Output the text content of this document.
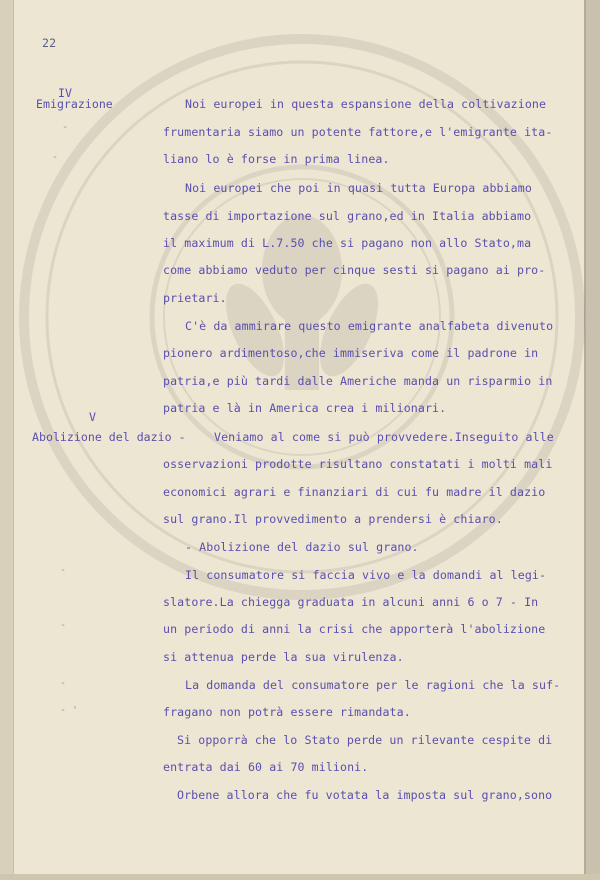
22
IV
Emigrazione	Noi europei in questa espansione della coltivazione
frumentaria siamo un potente fattore,e l'emigrante ita-
liano lo è forse in prima linea.
Noi europei che poi in quasi tutta Europa abbiamo
tasse di importazione sul grano,ed in Italia abbiamo
il maximum di L.7.50 che si pagano non allo Stato,ma
come abbiamo veduto per cinque sesti si pagano ai pro-
prietari.
C'è da ammirare questo emigrante analfabeta divenuto
pionero ardimentoso,che immiseriva come il padrone in
patria,e più tardi dalle Americhe manda un risparmio in
patria e là in America crea i milionari.
V
Abolizione del dazio - Veniamo al come si può provvedere.Inseguito alle
osservazioni prodotte risultano constatati i molti mali
economici agrari e finanziari di cui fu madre il dazio
sul grano.Il provvedimento a prendersi è chiaro.
- Abolizione del dazio sul grano.
Il consumatore si faccia vivo e la domandi al legi-
slatore.La chiegga graduata in alcuni anni 6 o 7 - In
un periodo di anni la crisi che apporterà l'abolizione
si attenua perde la sua virulenza.
La domanda del consumatore per le ragioni che la suf-
fragano non potrà essere rimandata.
Si opporrà che lo Stato perde un rilevante cespite di
entrata dai 60 ai 70 milioni.
Orbene allora che fu votata la imposta sul grano,sono
-
-
-
-
-
- '
